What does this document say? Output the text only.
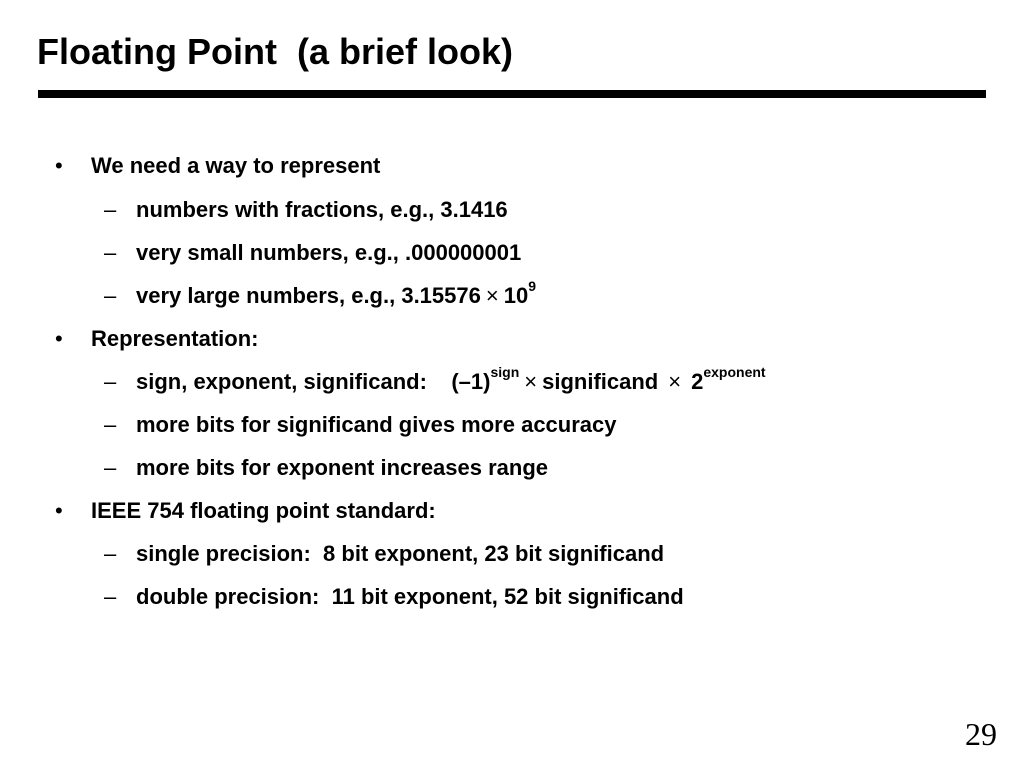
Floating Point  (a brief look)

•

We need a way to represent

–

numbers with fractions, e.g., 3.1416

–

very small numbers, e.g., .000000001

–

very large numbers, e.g., $3.15576 \times 10^9$

•

Representation:

–

sign, exponent, significand:    $(-1)^{sign}$ × significand × $2^{exponent}$

–

more bits for significand gives more accuracy

–

more bits for exponent increases range

•

IEEE 754 floating point standard:

–

single precision:  8 bit exponent, 23 bit significand

–

double precision:  11 bit exponent, 52 bit significand

29
